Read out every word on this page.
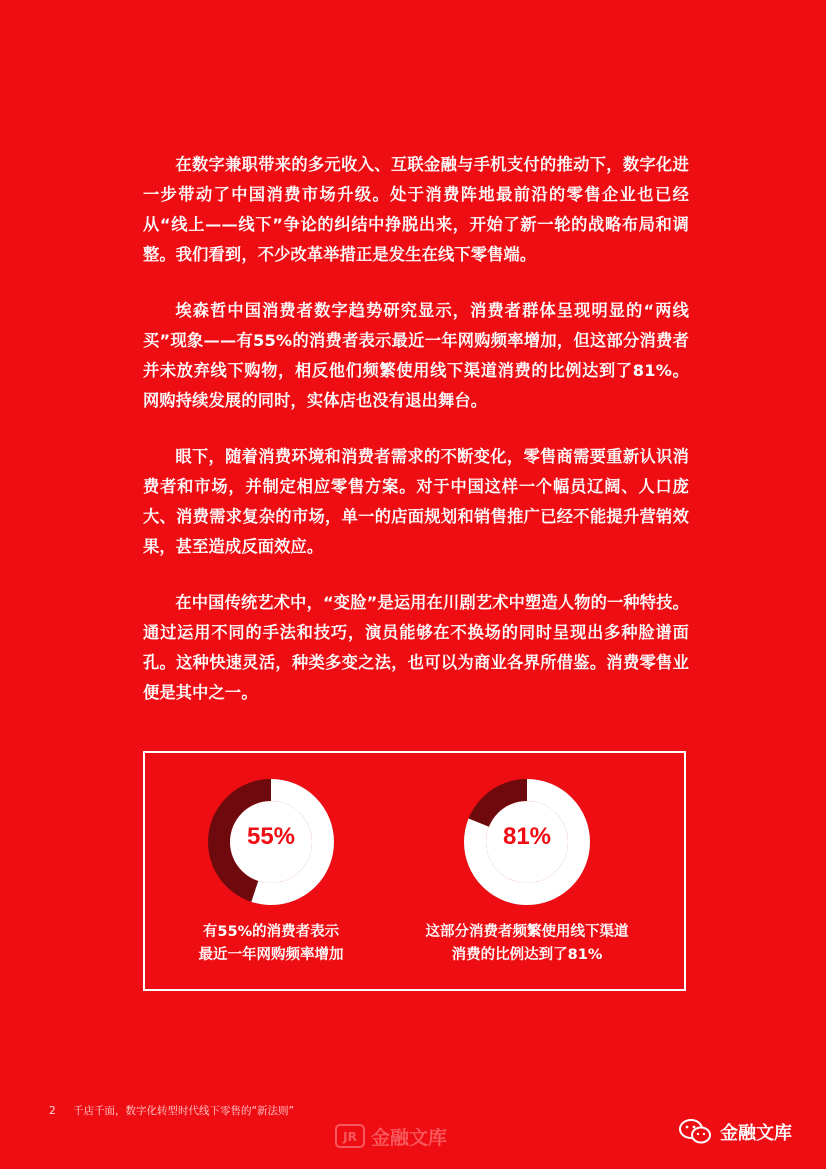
在数字兼职带来的多元收入、互联金融与手机支付的推动下，数字化进一步带动了中国消费市场升级。处于消费阵地最前沿的零售企业也已经从“线上——线下”争论的纠结中挣脱出来，开始了新一轮的战略布局和调整。我们看到，不少改革举措正是发生在线下零售端。

埃森哲中国消费者数字趋势研究显示，消费者群体呈现明显的“两线买”现象——有55%的消费者表示最近一年网购频率增加，但这部分消费者并未放弃线下购物，相反他们频繁使用线下渠道消费的比例达到了81%。网购持续发展的同时，实体店也没有退出舞台。

眼下，随着消费环境和消费者需求的不断变化，零售商需要重新认识消费者和市场，并制定相应零售方案。对于中国这样一个幅员辽阔、人口庞大、消费需求复杂的市场，单一的店面规划和销售推广已经不能提升营销效果，甚至造成反面效应。

在中国传统艺术中，“变脸”是运用在川剧艺术中塑造人物的一种特技。通过运用不同的手法和技巧，演员能够在不换场的同时呈现出多种脸谱面孔。这种快速灵活，种类多变之法，也可以为商业各界所借鉴。消费零售业便是其中之一。

55%
有55%的消费者表示
最近一年网购频率增加
81%
这部分消费者频繁使用线下渠道
消费的比例达到了81%
2 千店千面，数字化转型时代线下零售的“新法则”
JR 金融文库	金融文库
